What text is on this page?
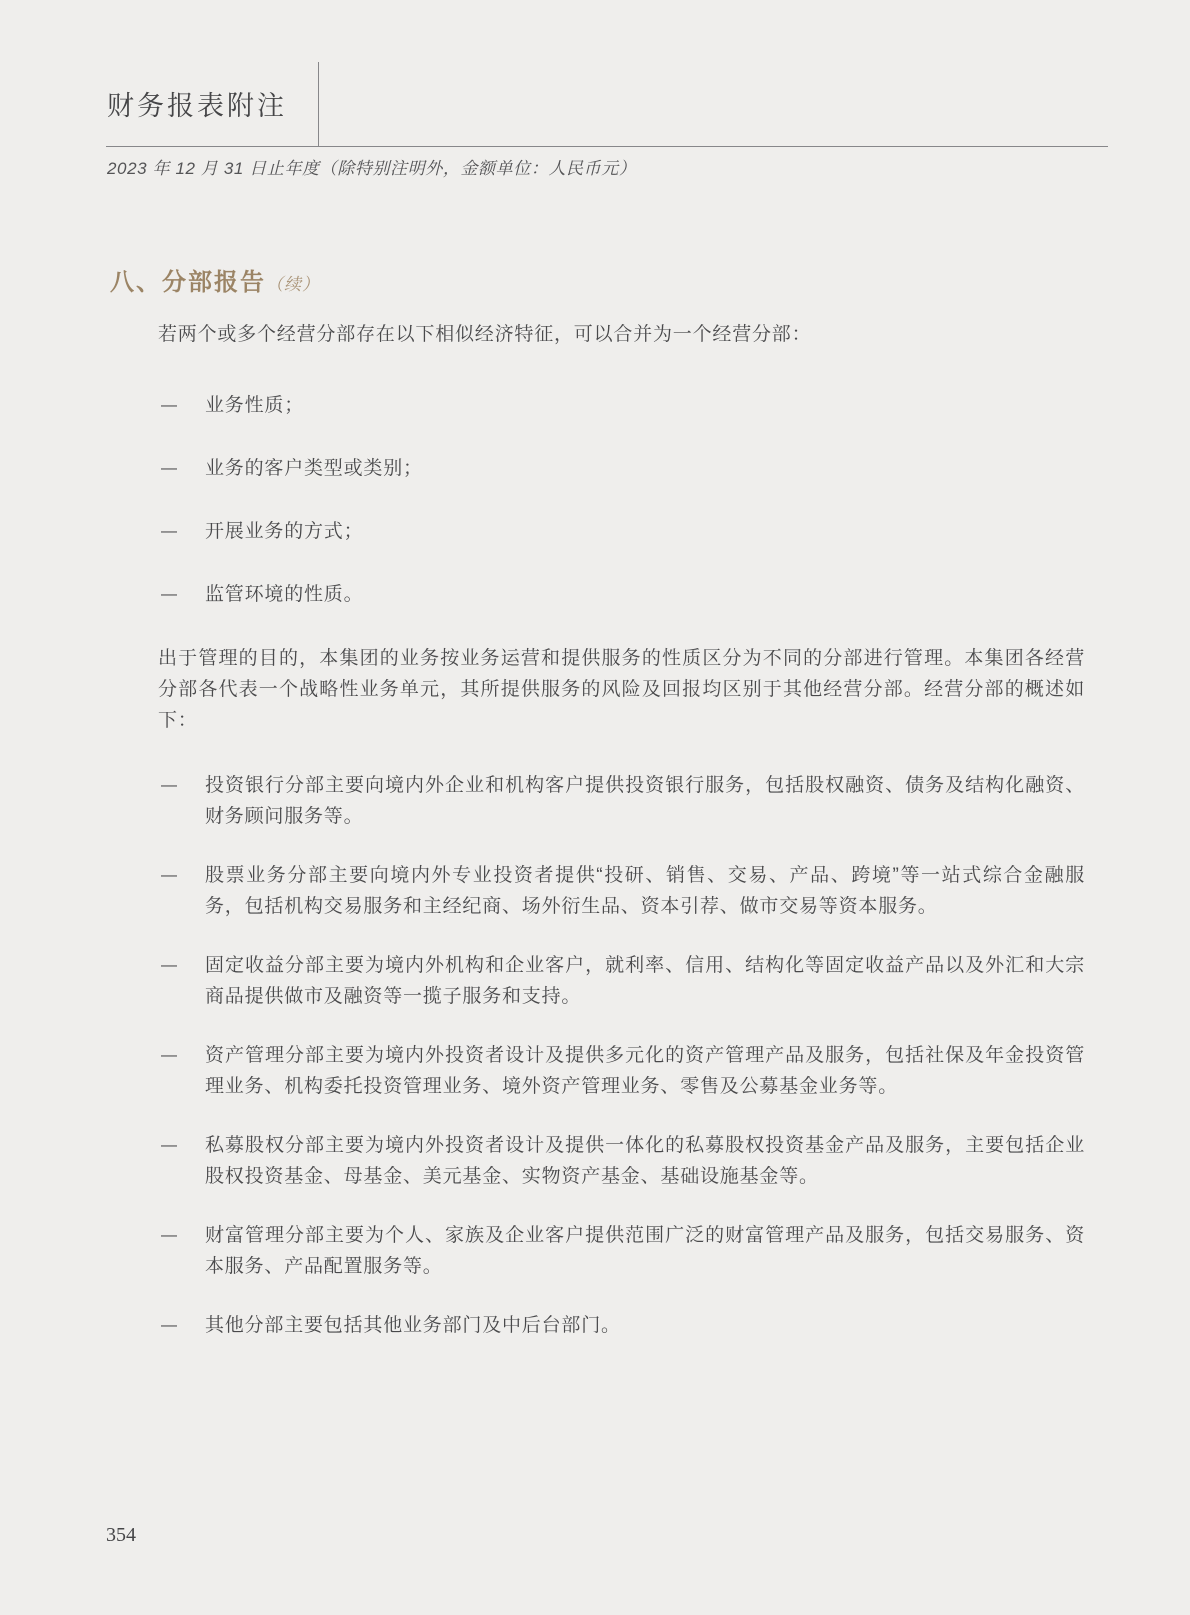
财务报表附注

2023 年 12 月 31 日止年度（除特别注明外，金额单位：人民币元）

八、分部报告（续）

若两个或多个经营分部存在以下相似经济特征，可以合并为一个经营分部：

— 业务性质；
— 业务的客户类型或类别；
— 开展业务的方式；
— 监管环境的性质。

出于管理的目的，本集团的业务按业务运营和提供服务的性质区分为不同的分部进行管理。本集团各经营分部各代表一个战略性业务单元，其所提供服务的风险及回报均区别于其他经营分部。经营分部的概述如下：

— 投资银行分部主要向境内外企业和机构客户提供投资银行服务，包括股权融资、债务及结构化融资、财务顾问服务等。
— 股票业务分部主要向境内外专业投资者提供“投研、销售、交易、产品、跨境”等一站式综合金融服务，包括机构交易服务和主经纪商、场外衍生品、资本引荐、做市交易等资本服务。
— 固定收益分部主要为境内外机构和企业客户，就利率、信用、结构化等固定收益产品以及外汇和大宗商品提供做市及融资等一揽子服务和支持。
— 资产管理分部主要为境内外投资者设计及提供多元化的资产管理产品及服务，包括社保及年金投资管理业务、机构委托投资管理业务、境外资产管理业务、零售及公募基金业务等。
— 私募股权分部主要为境内外投资者设计及提供一体化的私募股权投资基金产品及服务，主要包括企业股权投资基金、母基金、美元基金、实物资产基金、基础设施基金等。
— 财富管理分部主要为个人、家族及企业客户提供范围广泛的财富管理产品及服务，包括交易服务、资本服务、产品配置服务等。
— 其他分部主要包括其他业务部门及中后台部门。
354
